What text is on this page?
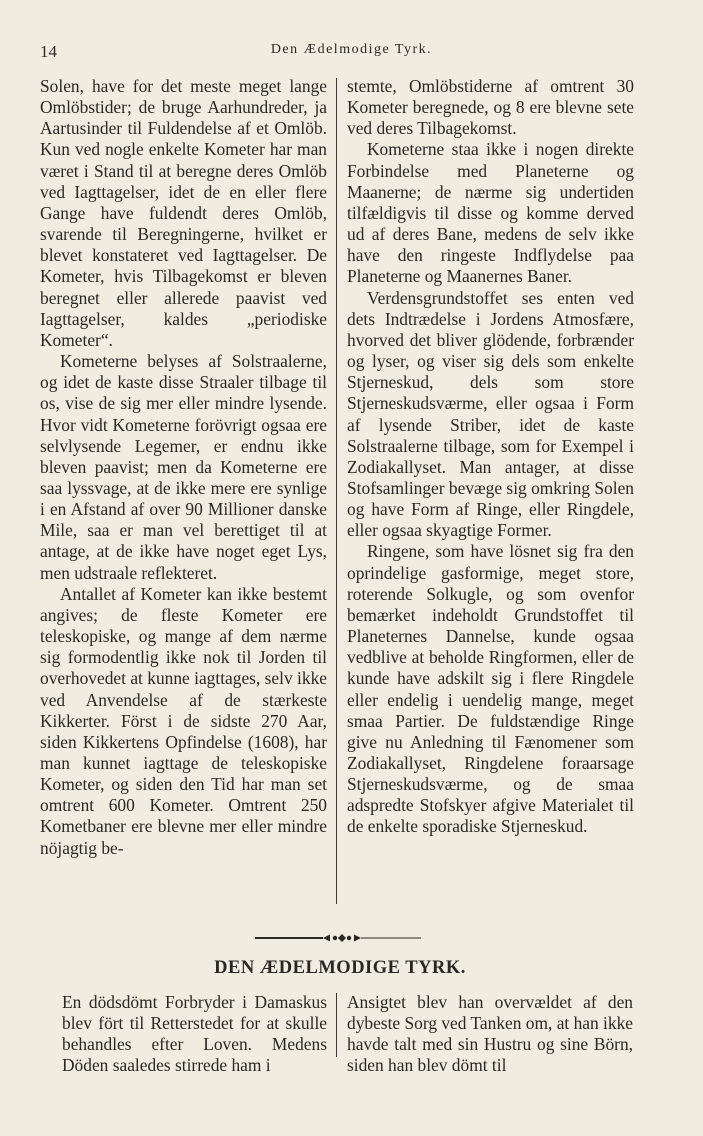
14	Den Ædelmodige Tyrk.

Solen, have for det meste meget lange Omlöbstider; de bruge Aarhundreder, ja Aartusinder til Fuldendelse af et Omlöb. Kun ved nogle enkelte Kometer har man været i Stand til at beregne deres Omlöb ved Iagttagelser, idet de en eller flere Gange have fuldendt deres Omlöb, svarende til Beregningerne, hvilket er blevet konstateret ved Iagttagelser. De Kometer, hvis Tilbagekomst er bleven beregnet eller allerede paavist ved Iagttagelser, kaldes „periodiske Kometer“.

Kometerne belyses af Solstraalerne, og idet de kaste disse Straaler tilbage til os, vise de sig mer eller mindre lysende. Hvor vidt Kometerne forövrigt ogsaa ere selvlysende Legemer, er endnu ikke bleven paavist; men da Kometerne ere saa lyssvage, at de ikke mere ere synlige i en Afstand af over 90 Millioner danske Mile, saa er man vel berettiget til at antage, at de ikke have noget eget Lys, men udstraale reflekteret.

Antallet af Kometer kan ikke bestemt angives; de fleste Kometer ere teleskopiske, og mange af dem nærme sig formodentlig ikke nok til Jorden til overhovedet at kunne iagttages, selv ikke ved Anvendelse af de stærkeste Kikkerter. Först i de sidste 270 Aar, siden Kikkertens Opfindelse (1608), har man kunnet iagttage de teleskopiske Kometer, og siden den Tid har man set omtrent 600 Kometer. Omtrent 250 Kometbaner ere blevne mer eller mindre nöjagtig be-

stemte, Omlöbstiderne af omtrent 30 Kometer beregnede, og 8 ere blevne sete ved deres Tilbagekomst.

Kometerne staa ikke i nogen direkte Forbindelse med Planeterne og Maanerne; de nærme sig undertiden tilfældigvis til disse og komme derved ud af deres Bane, medens de selv ikke have den ringeste Indflydelse paa Planeterne og Maanernes Baner.

Verdensgrundstoffet ses enten ved dets Indtrædelse i Jordens Atmosfære, hvorved det bliver glödende, forbrænder og lyser, og viser sig dels som enkelte Stjerneskud, dels som store Stjerneskudsværme, eller ogsaa i Form af lysende Striber, idet de kaste Solstraalerne tilbage, som for Exempel i Zodiakallyset. Man antager, at disse Stofsamlinger bevæge sig omkring Solen og have Form af Ringe, eller Ringdele, eller ogsaa skyagtige Former.

Ringene, som have lösnet sig fra den oprindelige gasformige, meget store, roterende Solkugle, og som ovenfor bemærket indeholdt Grundstoffet til Planeternes Dannelse, kunde ogsaa vedblive at beholde Ringformen, eller de kunde have adskilt sig i flere Ringdele eller endelig i uendelig mange, meget smaa Partier. De fuldstændige Ringe give nu Anledning til Fænomener som Zodiakallyset, Ringdelene foraarsage Stjerneskudsværme, og de smaa adspredte Stofskyer afgive Materialet til de enkelte sporadiske Stjerneskud.

DEN ÆDELMODIGE TYRK.

En dödsdömt Forbryder i Damaskus blev fört til Retterstedet for at skulle behandles efter Loven. Medens Döden saaledes stirrede ham i

Ansigtet blev han overvældet af den dybeste Sorg ved Tanken om, at han ikke havde talt med sin Hustru og sine Börn, siden han blev dömt til
